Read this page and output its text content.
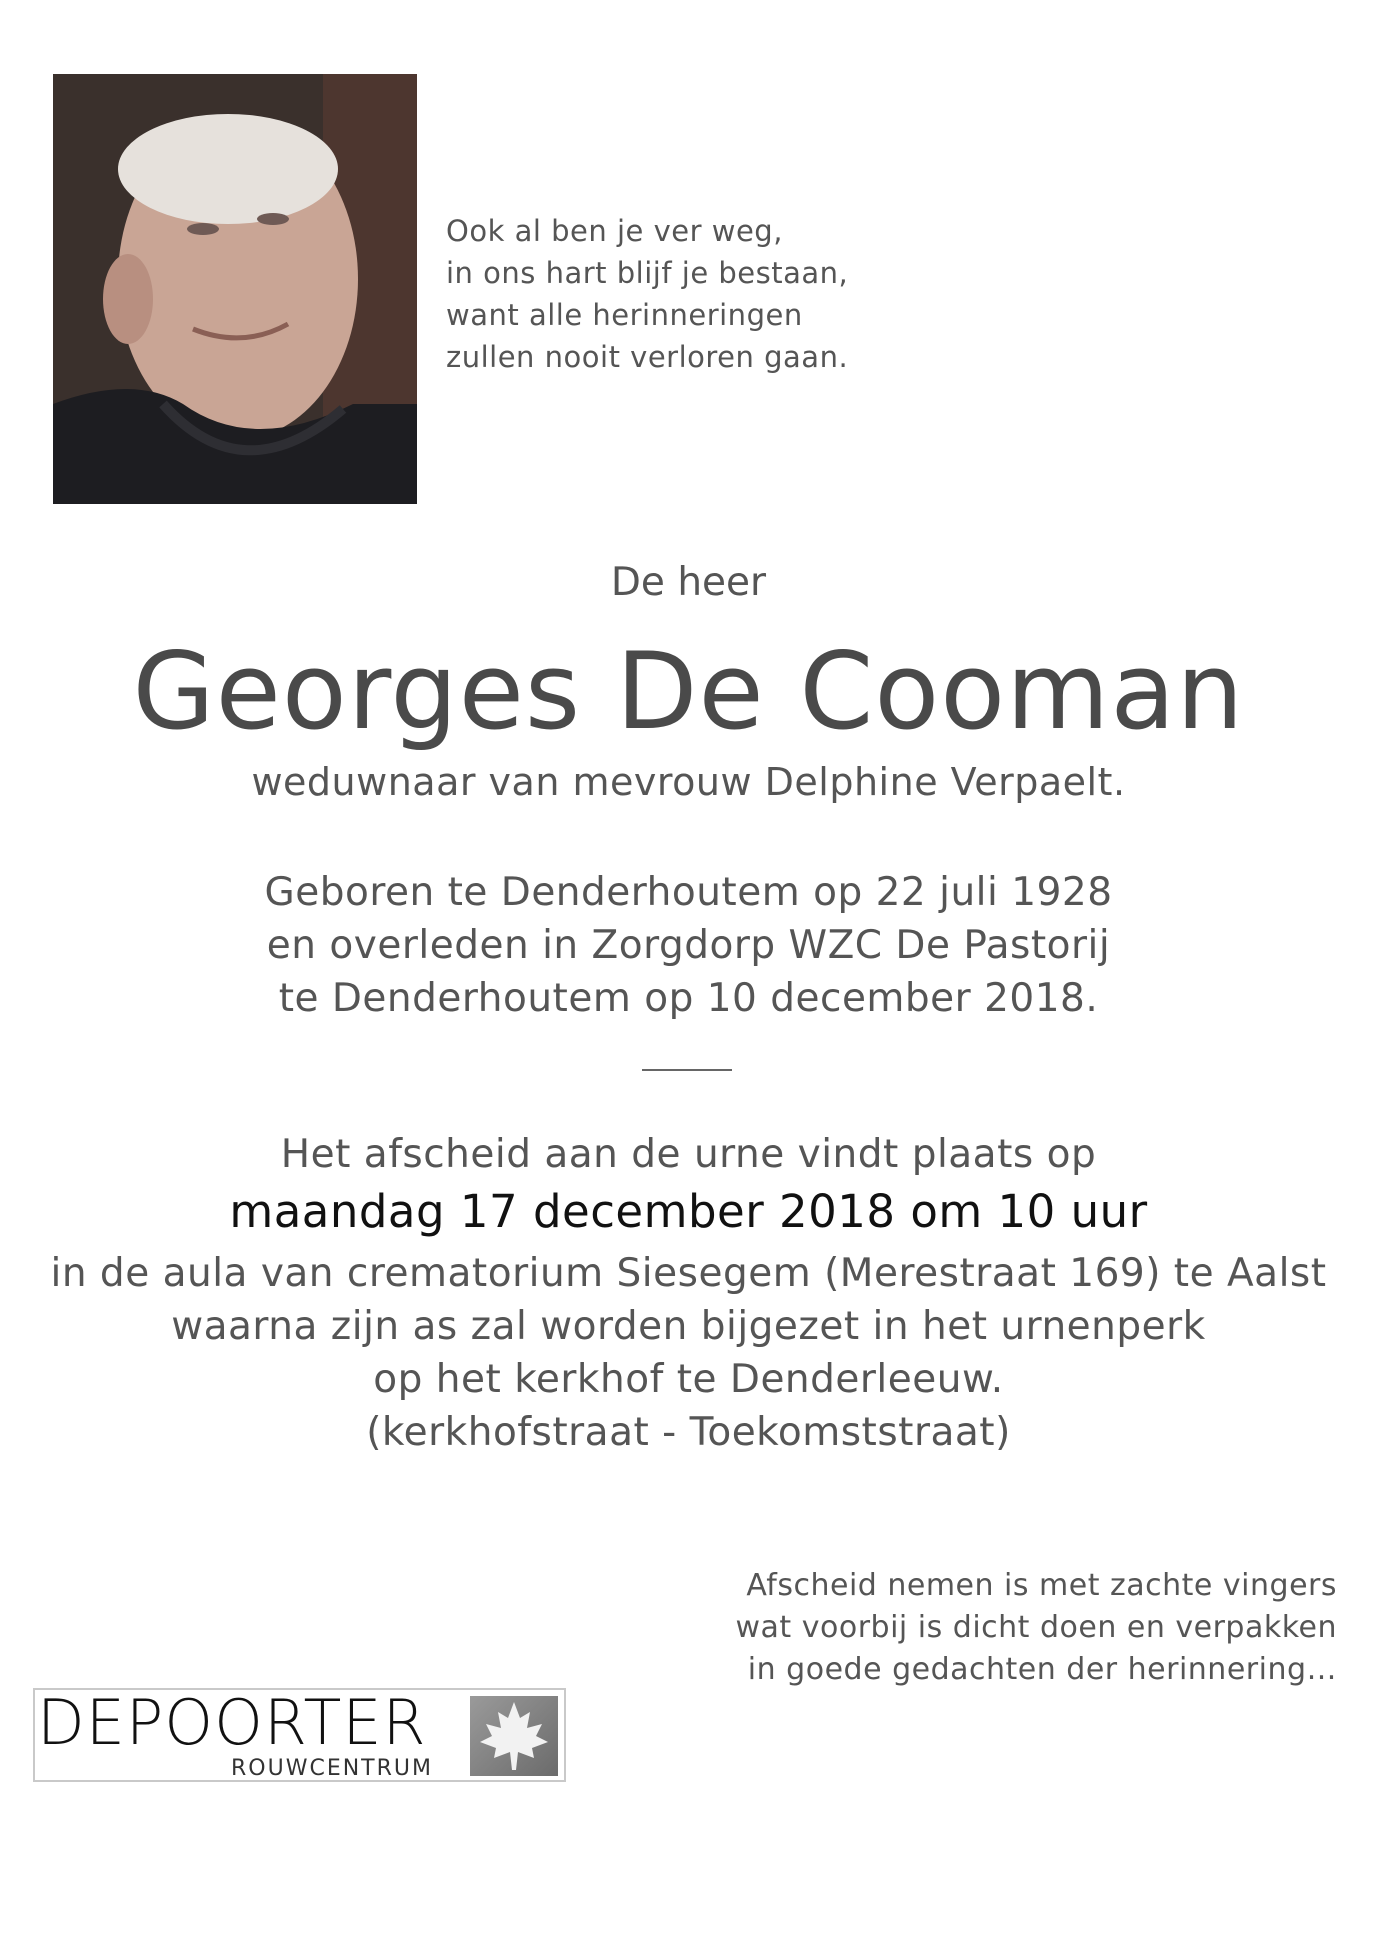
Ook al ben je ver weg,
in ons hart blijf je bestaan,
want alle herinneringen
zullen nooit verloren gaan.
De heer
Georges De Cooman
weduwnaar van mevrouw Delphine Verpaelt.
Geboren te Denderhoutem op 22 juli 1928
en overleden in Zorgdorp WZC De Pastorij
te Denderhoutem op 10 december 2018.
Het afscheid aan de urne vindt plaats op
maandag 17 december 2018 om 10 uur
in de aula van crematorium Siesegem (Merestraat 169) te Aalst
waarna zijn as zal worden bijgezet in het urnenperk
op het kerkhof te Denderleeuw.
(kerkhofstraat - Toekomststraat)
Afscheid nemen is met zachte vingers
wat voorbij is dicht doen en verpakken
in goede gedachten der herinnering…
DEPOORTER
ROUWCENTRUM
